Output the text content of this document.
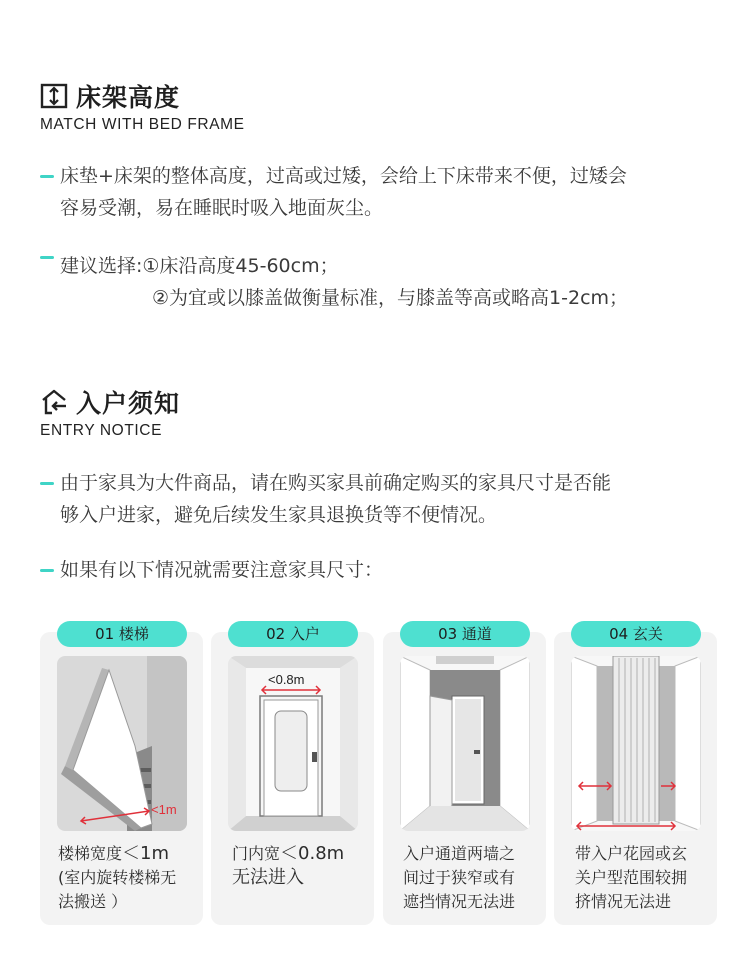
床架高度
MATCH WITH BED FRAME
床垫+床架的整体高度，过高或过矮，会给上下床带来不便，过矮会
容易受潮，易在睡眠时吸入地面灰尘。
建议选择:①床沿高度45-60cm；
②为宜或以膝盖做衡量标准，与膝盖等高或略高1-2cm；
入户须知
ENTRY NOTICE
由于家具为大件商品，请在购买家具前确定购买的家具尺寸是否能
够入户进家，避免后续发生家具退换货等不便情况。
如果有以下情况就需要注意家具尺寸：
01 楼梯
<1m
楼梯宽度＜1m
(室内旋转楼梯无
法搬送 ）
02 入户
<0.8m
门内宽＜0.8m
无法进入
03 通道
入户通道两墙之
间过于狭窄或有
遮挡情况无法进
04 玄关
带入户花园或玄
关户型范围较拥
挤情况无法进
